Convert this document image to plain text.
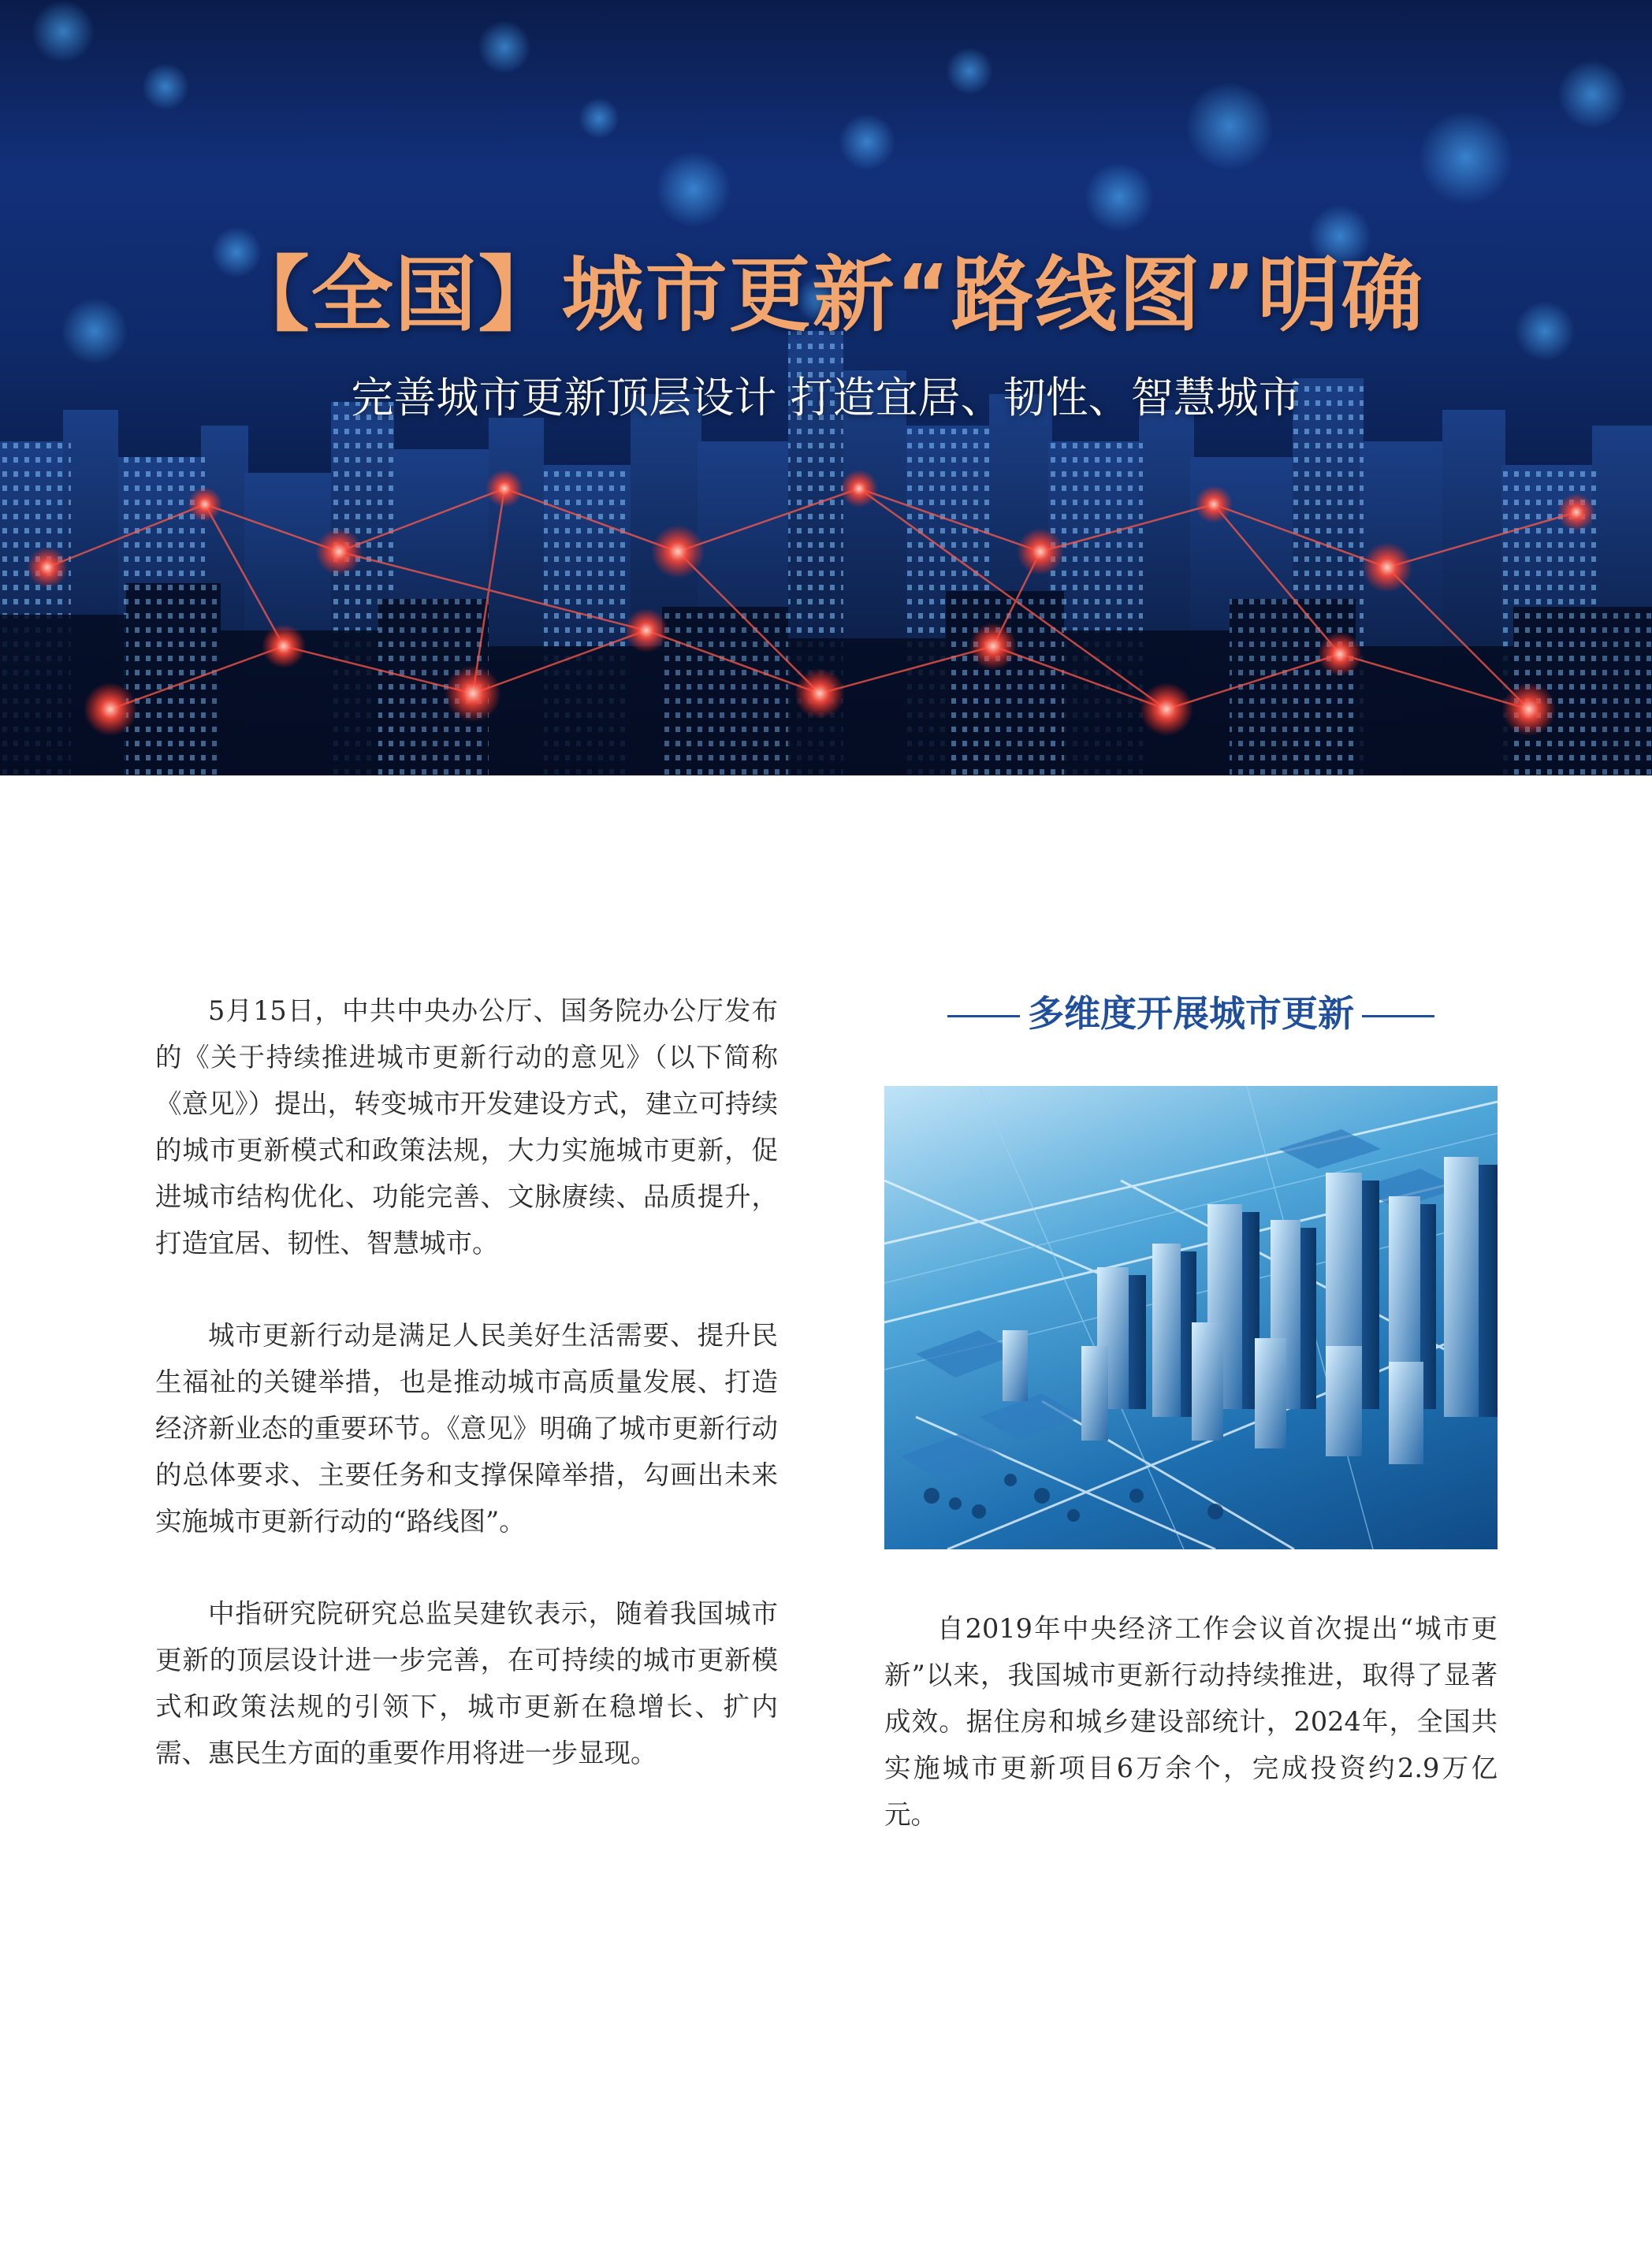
【全国】城市更新“路线图”明确

完善城市更新顶层设计 打造宜居、韧性、智慧城市

5月15日，中共中央办公厅、国务院办公厅发布的《关于持续推进城市更新行动的意见》（以下简称《意见》）提出，转变城市开发建设方式，建立可持续的城市更新模式和政策法规，大力实施城市更新，促进城市结构优化、功能完善、文脉赓续、品质提升，打造宜居、韧性、智慧城市。

城市更新行动是满足人民美好生活需要、提升民生福祉的关键举措，也是推动城市高质量发展、打造经济新业态的重要环节。《意见》明确了城市更新行动的总体要求、主要任务和支撑保障举措，勾画出未来实施城市更新行动的“路线图”。

中指研究院研究总监吴建钦表示，随着我国城市更新的顶层设计进一步完善，在可持续的城市更新模式和政策法规的引领下，城市更新在稳增长、扩内需、惠民生方面的重要作用将进一步显现。

多维度开展城市更新

自2019年中央经济工作会议首次提出“城市更新”以来，我国城市更新行动持续推进，取得了显著成效。据住房和城乡建设部统计，2024年，全国共实施城市更新项目6万余个，完成投资约2.9万亿元。
